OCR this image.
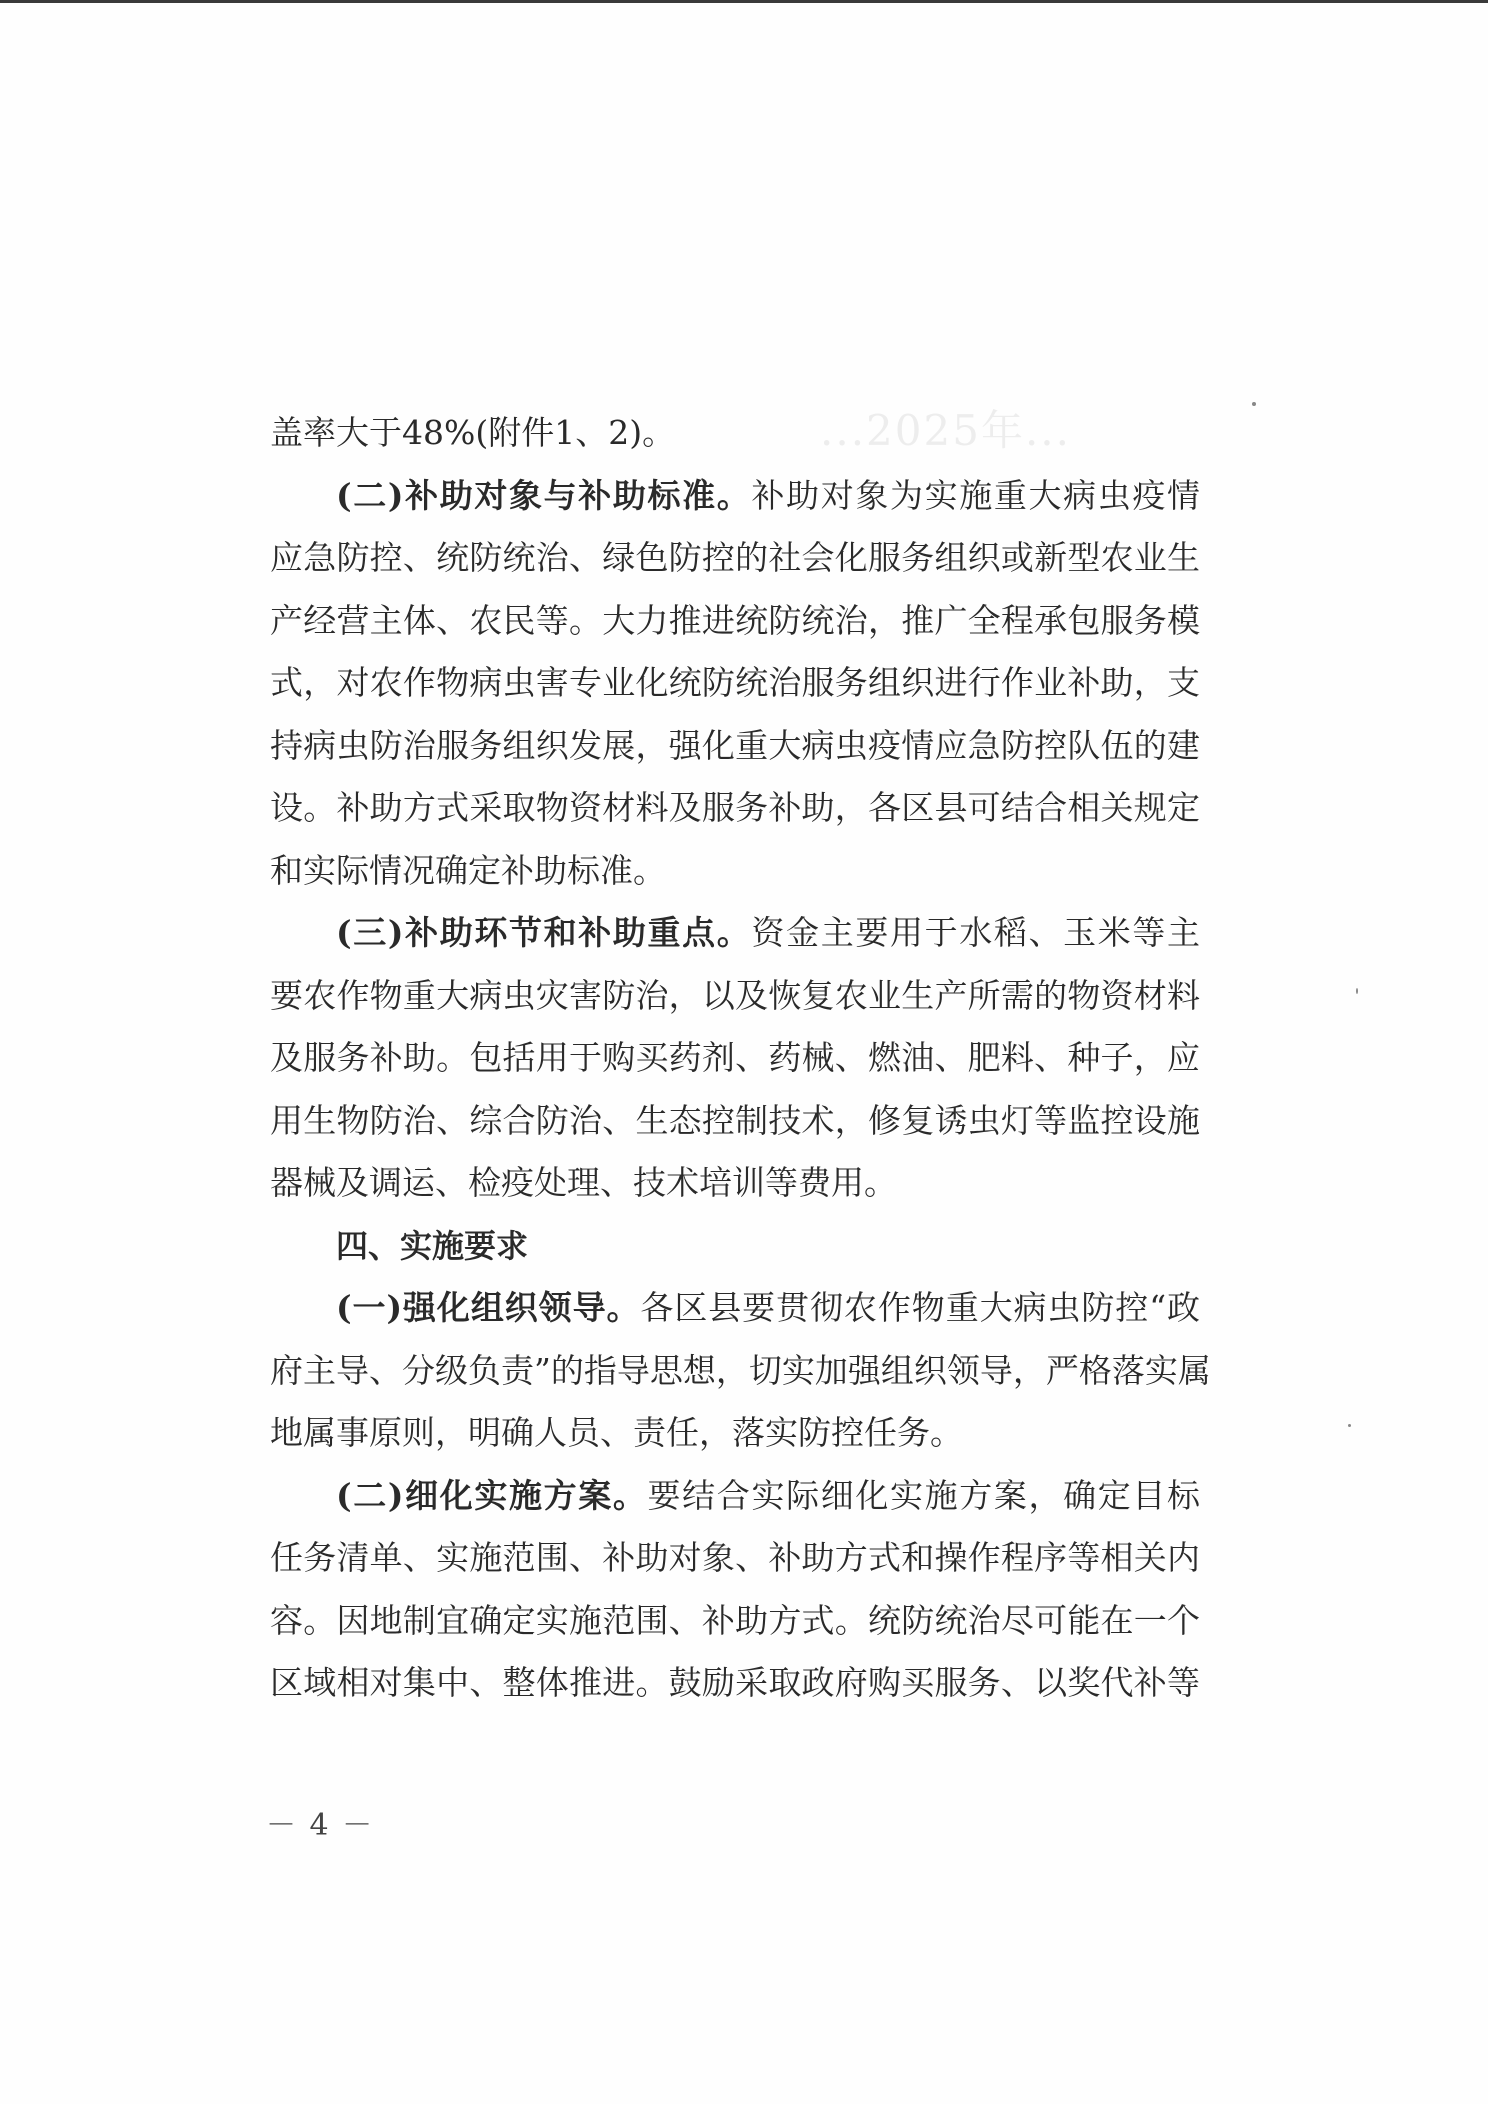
...2025年...
盖率大于48%(附件1、2)。
(二)补助对象与补助标准。补助对象为实施重大病虫疫情
应急防控、统防统治、绿色防控的社会化服务组织或新型农业生
产经营主体、农民等。大力推进统防统治，推广全程承包服务模
式，对农作物病虫害专业化统防统治服务组织进行作业补助，支
持病虫防治服务组织发展，强化重大病虫疫情应急防控队伍的建
设。补助方式采取物资材料及服务补助，各区县可结合相关规定
和实际情况确定补助标准。
(三)补助环节和补助重点。资金主要用于水稻、玉米等主
要农作物重大病虫灾害防治，以及恢复农业生产所需的物资材料
及服务补助。包括用于购买药剂、药械、燃油、肥料、种子，应
用生物防治、综合防治、生态控制技术，修复诱虫灯等监控设施
器械及调运、检疫处理、技术培训等费用。
四、实施要求
(一)强化组织领导。各区县要贯彻农作物重大病虫防控“政
府主导、分级负责”的指导思想，切实加强组织领导，严格落实属
地属事原则，明确人员、责任，落实防控任务。
(二)细化实施方案。要结合实际细化实施方案，确定目标
任务清单、实施范围、补助对象、补助方式和操作程序等相关内
容。因地制宜确定实施范围、补助方式。统防统治尽可能在一个
区域相对集中、整体推进。鼓励采取政府购买服务、以奖代补等
－ 4 －
